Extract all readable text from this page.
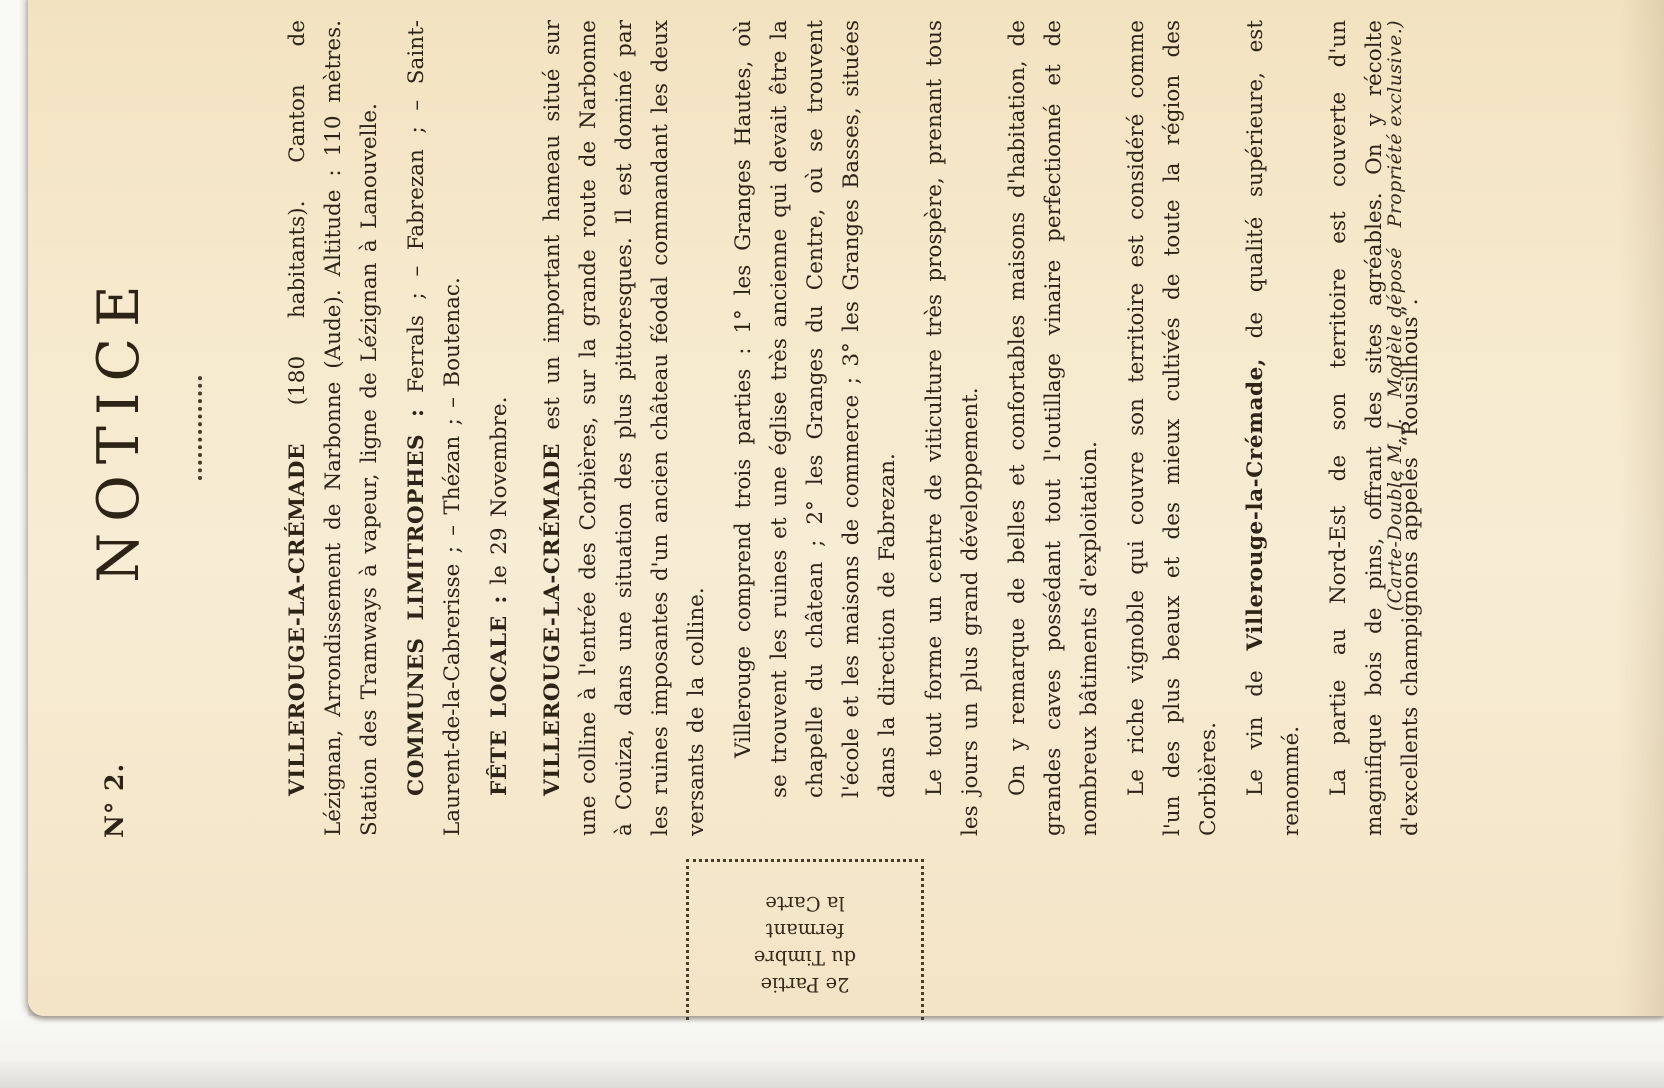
N° 2.
NOTICE

VILLEROUGE-LA-CRÉMADE (180 habitants). Canton de Lézignan, Arrondissement de Narbonne (Aude). Altitude : 110 mètres. Station des Tramways à vapeur, ligne de Lézignan à Lanouvelle. COMMUNES LIMITROPHES : Ferrals ; – Fabrezan ; – Saint-Laurent-de-la-Cabrerisse ; – Thézan ; – Boutenac. FÊTE LOCALE : le 29 Novembre. VILLEROUGE-LA-CRÉMADE est un important hameau situé sur une colline à l'entrée des Corbières, sur la grande route de Narbonne à Couiza, dans une situation des plus pittoresques. Il est dominé par les ruines imposantes d'un ancien château féodal commandant les deux versants de la colline. Villerouge comprend trois parties : 1° les Granges Hautes, où se trouvent les ruines et une église très ancienne qui devait être la chapelle du châtean ; 2° les Granges du Centre, où se trouvent l'école et les maisons de commerce ; 3° les Granges Basses, situées dans la direction de Fabrezan. Le tout forme un centre de viticulture très prospère, prenant tous les jours un plus grand développement. On y remarque de belles et confortables maisons d'habitation, de grandes caves possédant tout l'outillage vinaire perfectionné et de nombreux bâtiments d'exploitation. Le riche vignoble qui couvre son territoire est considéré comme l'un des plus beaux et des mieux cultivés de toute la région des Corbières. Le vin de Villerouge-la-Crémade, de qualité supérieure, est renommé. La partie au Nord-Est de son territoire est couverte d'un magnifique bois de pins, offrant des sites agréables. On y récolte d'excellents champignons appelés “Rousilhous”.

2e Partie
du Timbre
fermant
la Carte
(Carte-Double M. J.  Modèle déposé  Propriété exclusive.)
